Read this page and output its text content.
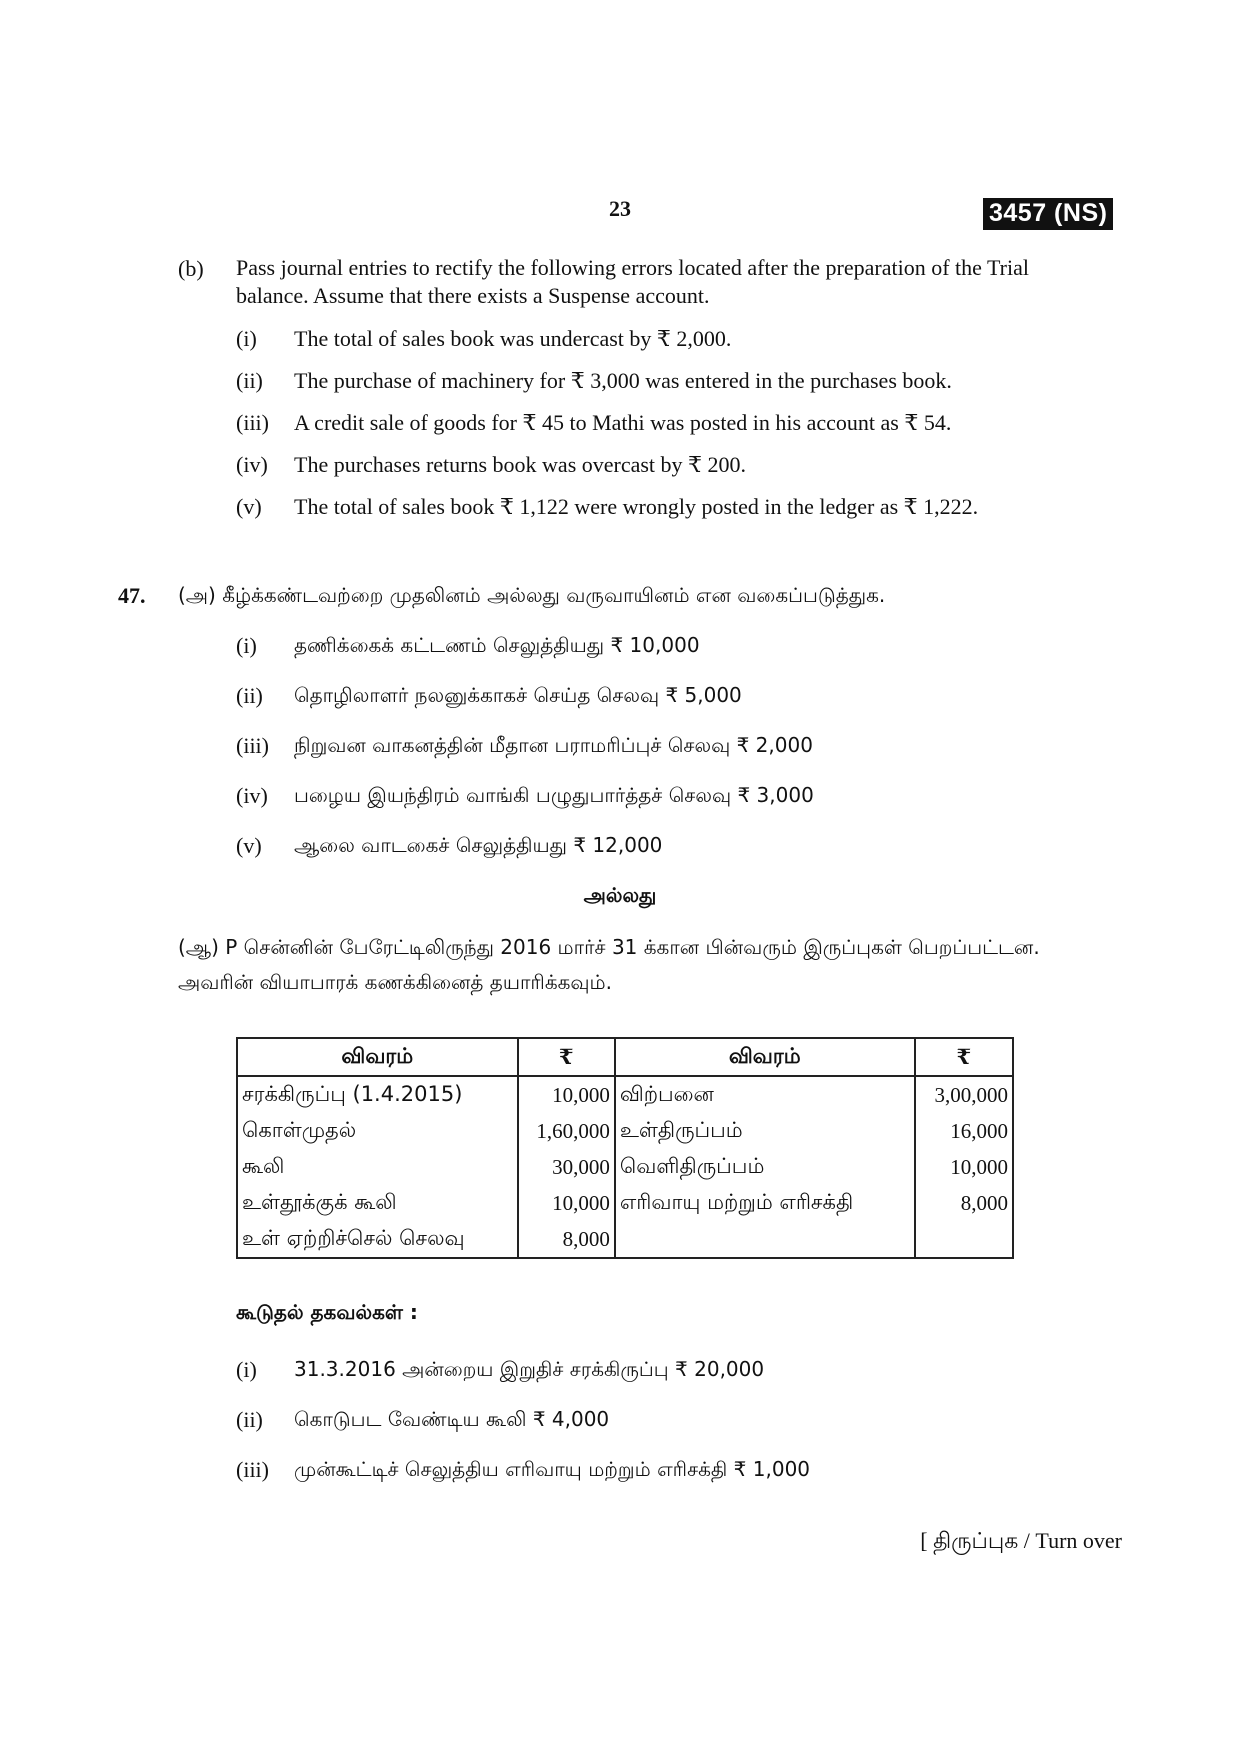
23	3457 (NS)
(b) Pass journal entries to rectify the following errors located after the preparation of the Trial balance. Assume that there exists a Suspense account.
(i) The total of sales book was undercast by ₹ 2,000.
(ii) The purchase of machinery for ₹ 3,000 was entered in the purchases book.
(iii) A credit sale of goods for ₹ 45 to Mathi was posted in his account as ₹ 54.
(iv) The purchases returns book was overcast by ₹ 200.
(v) The total of sales book ₹ 1,122 were wrongly posted in the ledger as ₹ 1,222.
47. (அ) கீழ்க்கண்டவற்றை முதலினம் அல்லது வருவாயினம் என வகைப்படுத்துக.
(i) தணிக்கைக் கட்டணம் செலுத்தியது ₹ 10,000
(ii) தொழிலாளர் நலனுக்காகச் செய்த செலவு ₹ 5,000
(iii) நிறுவன வாகனத்தின் மீதான பராமரிப்புச் செலவு ₹ 2,000
(iv) பழைய இயந்திரம் வாங்கி பழுதுபார்த்தச் செலவு ₹ 3,000
(v) ஆலை வாடகைச் செலுத்தியது ₹ 12,000
அல்லது
(ஆ) P சென்னின் பேரேட்டிலிருந்து 2016 மார்ச் 31 க்கான பின்வரும் இருப்புகள் பெறப்பட்டன. அவரின் வியாபாரக் கணக்கினைத் தயாரிக்கவும்.
விவரம்	₹	விவரம்	₹
சரக்கிருப்பு (1.4.2015)	10,000	விற்பனை	3,00,000
கொள்முதல்	1,60,000	உள்திருப்பம்	16,000
கூலி	30,000	வெளிதிருப்பம்	10,000
உள்தூக்குக் கூலி	10,000	எரிவாயு மற்றும் எரிசக்தி	8,000
உள் ஏற்றிச்செல் செலவு	8,000		
கூடுதல் தகவல்கள் :
(i) 31.3.2016 அன்றைய இறுதிச் சரக்கிருப்பு ₹ 20,000
(ii) கொடுபட வேண்டிய கூலி ₹ 4,000
(iii) முன்கூட்டிச் செலுத்திய எரிவாயு மற்றும் எரிசக்தி ₹ 1,000
[ திருப்புக / Turn over
